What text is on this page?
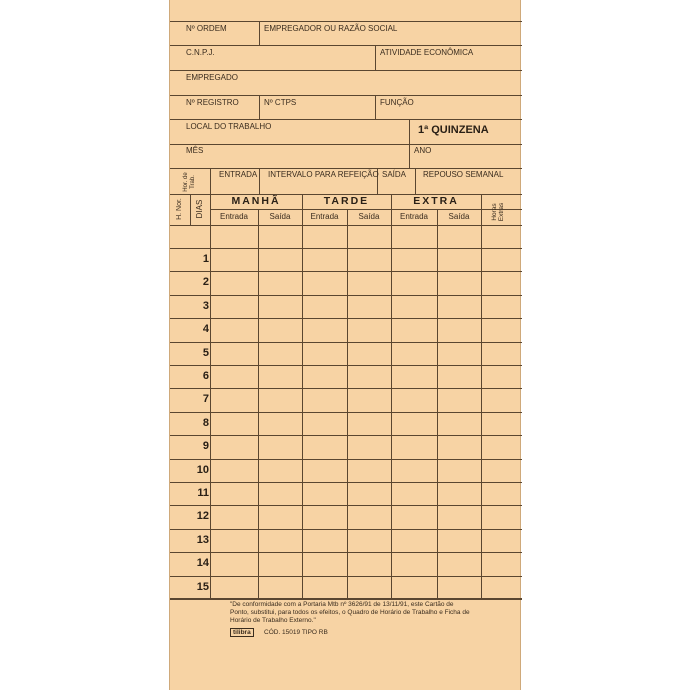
Nº ORDEM	EMPREGADOR OU RAZÃO SOCIAL
C.N.P.J.	ATIVIDADE ECONÔMICA
EMPREGADO
Nº REGISTRO	Nº CTPS	FUNÇÃO
LOCAL DO TRABALHO	1ª QUINZENA
MÊS	ANO
Hor. de Trab.
ENTRADA INTERVALO PARA REFEIÇÃO SAÍDA REPOUSO SEMANAL
H. Nor. DIAS	MANHÃ	TARDE	EXTRA
Entrada	Saída	Entrada	Saída	Entrada	Saída	Horas Extras
1
2
3
4
5
6
7
8
9
10
11
12
13
14
15
"De conformidade com a Portaria Mtb nº 3626/91 de 13/11/91, este Cartão de Ponto, substitui, para todos os efeitos, o Quadro de Horário de Trabalho e Ficha de Horário de Trabalho Externo."
tilibra	CÓD. 15019 TIPO RB
